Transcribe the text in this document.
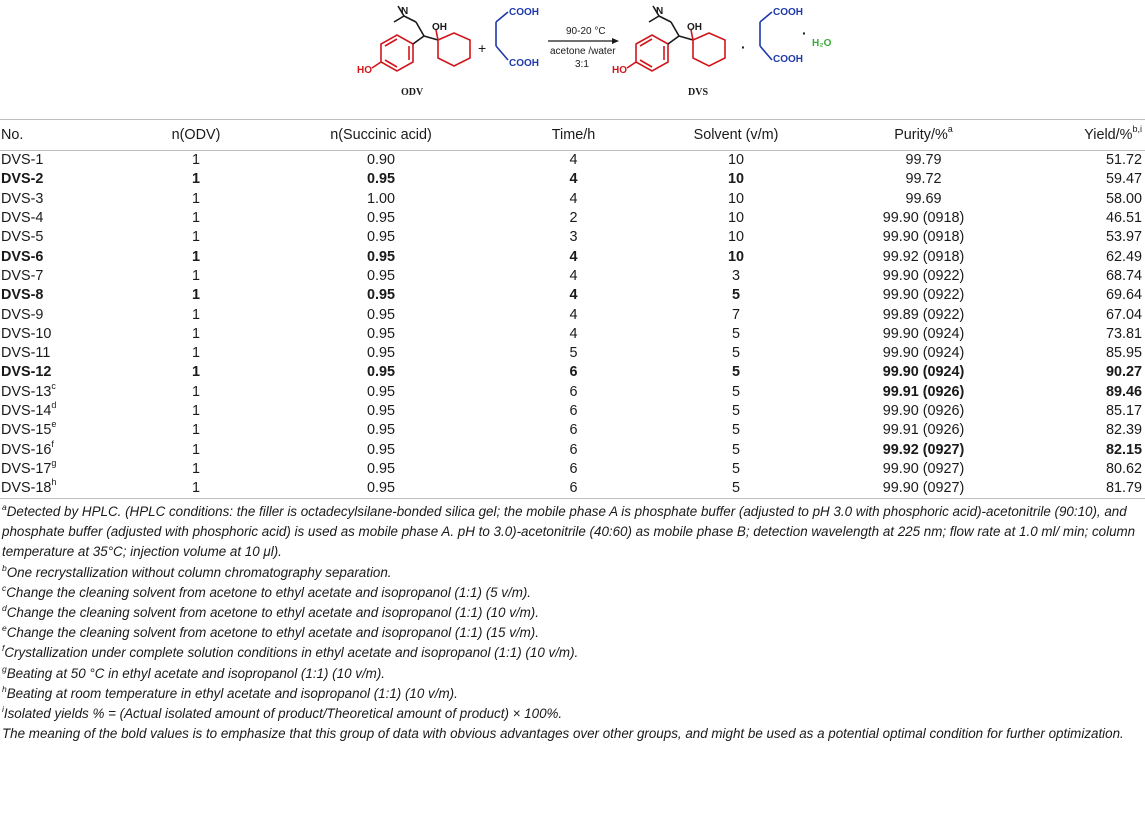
N
OH
HO
ODV
+
COOH
COOH
90-20 °C
acetone /water
3:1
N
OH
HO
·
COOH
COOH
·
H₂O
DVS
No.	n(ODV)	n(Succinic acid)	Time/h	Solvent (v/m)	Purity/%$^a$	Yield/%$^{b,i}$
DVS-1	1	0.90	4	10	99.79	51.72
DVS-2	1	0.95	4	10	99.72	59.47
DVS-3	1	1.00	4	10	99.69	58.00
DVS-4	1	0.95	2	10	99.90 (0918)	46.51
DVS-5	1	0.95	3	10	99.90 (0918)	53.97
DVS-6	1	0.95	4	10	99.92 (0918)	62.49
DVS-7	1	0.95	4	3	99.90 (0922)	68.74
DVS-8	1	0.95	4	5	99.90 (0922)	69.64
DVS-9	1	0.95	4	7	99.89 (0922)	67.04
DVS-10	1	0.95	4	5	99.90 (0924)	73.81
DVS-11	1	0.95	5	5	99.90 (0924)	85.95
DVS-12	1	0.95	6	5	99.90 (0924)	90.27
DVS-13$^c$	1	0.95	6	5	99.91 (0926)	89.46
DVS-14$^d$	1	0.95	6	5	99.90 (0926)	85.17
DVS-15e	1	0.95	6	5	99.91 (0926)	82.39
DVS-16$^f$	1	0.95	6	5	99.92 (0927)	82.15
DVS-17$^g$	1	0.95	6	5	99.90 (0927)	80.62
DVS-18$^h$	1	0.95	6	5	99.90 (0927)	81.79
$^a$Detected by HPLC. (HPLC conditions: the filler is octadecylsilane-bonded silica gel; the mobile phase A is phosphate buffer (adjusted to pH 3.0 with phosphoric acid)-acetonitrile (90:10), and phosphate buffer (adjusted with phosphoric acid) is used as mobile phase A. pH to 3.0)-acetonitrile (40:60) as mobile phase B; detection wavelength at 225 nm; flow rate at 1.0 ml/ min; column temperature at 35°C; injection volume at 10 μl).
$^b$One recrystallization without column chromatography separation.
$^c$Change the cleaning solvent from acetone to ethyl acetate and isopropanol (1:1) (5 v/m).
$^d$Change the cleaning solvent from acetone to ethyl acetate and isopropanol (1:1) (10 v/m).
$^e$Change the cleaning solvent from acetone to ethyl acetate and isopropanol (1:1) (15 v/m).
$^f$Crystallization under complete solution conditions in ethyl acetate and isopropanol (1:1) (10 v/m).
$^g$Beating at 50 °C in ethyl acetate and isopropanol (1:1) (10 v/m).
$^h$Beating at room temperature in ethyl acetate and isopropanol (1:1) (10 v/m).
$^i$Isolated yields % = (Actual isolated amount of product/Theoretical amount of product) × 100%.
The meaning of the bold values is to emphasize that this group of data with obvious advantages over other groups, and might be used as a potential optimal condition for further optimization.
